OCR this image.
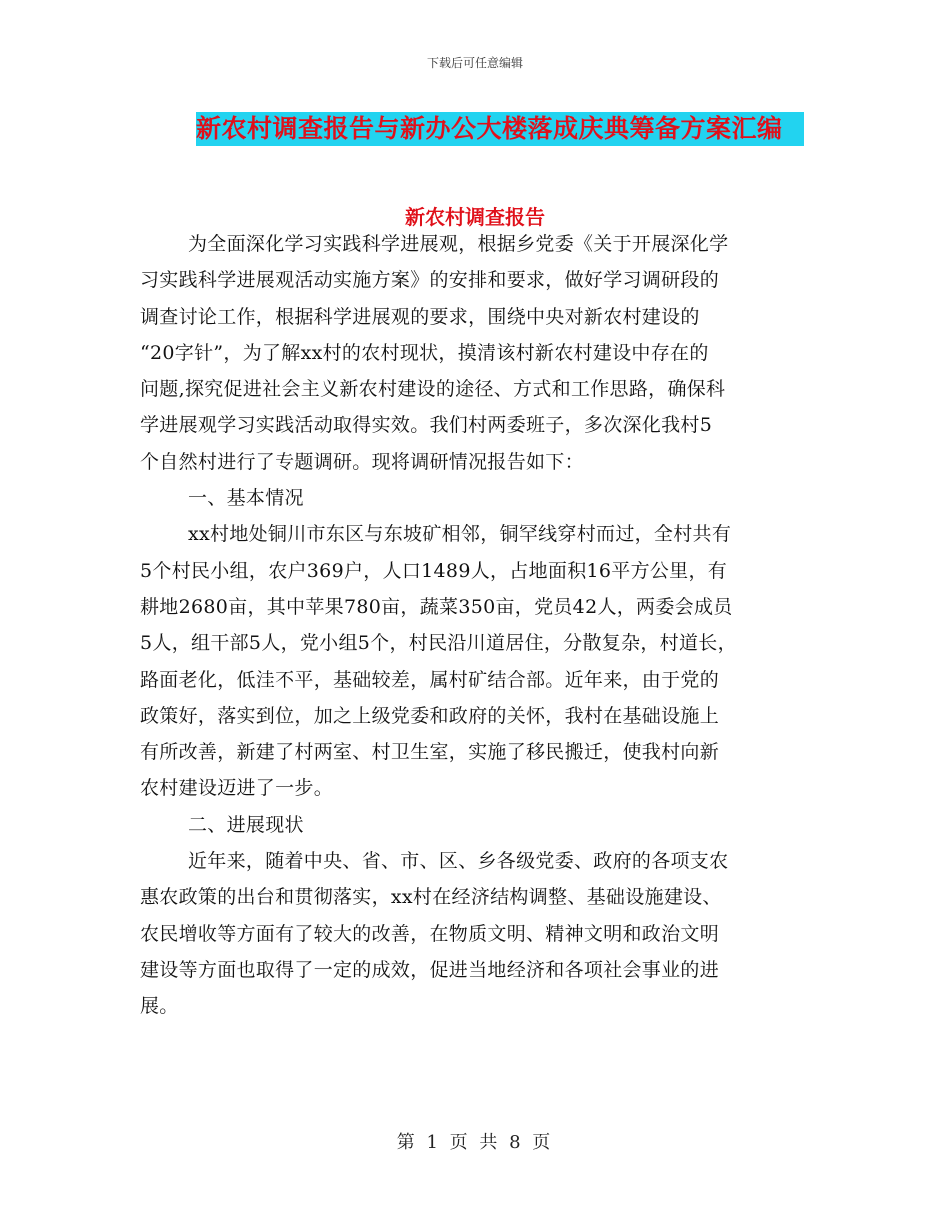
下载后可任意编辑
新农村调查报告与新办公大楼落成庆典筹备方案汇编
新农村调查报告
为全面深化学习实践科学进展观，根据乡党委《关于开展深化学
习实践科学进展观活动实施方案》的安排和要求，做好学习调研段的
调查讨论工作，根据科学进展观的要求，围绕中央对新农村建设的
“20字针”，为了解xx村的农村现状，摸清该村新农村建设中存在的
问题,探究促进社会主义新农村建设的途径、方式和工作思路，确保科
学进展观学习实践活动取得实效。我们村两委班子，多次深化我村5
个自然村进行了专题调研。现将调研情况报告如下：
一、基本情况
xx村地处铜川市东区与东坡矿相邻，铜罕线穿村而过，全村共有
5个村民小组，农户369户，人口1489人，占地面积16平方公里，有
耕地2680亩，其中苹果780亩，蔬菜350亩，党员42人，两委会成员
5人，组干部5人，党小组5个，村民沿川道居住，分散复杂，村道长，
路面老化，低洼不平，基础较差，属村矿结合部。近年来，由于党的
政策好，落实到位，加之上级党委和政府的关怀，我村在基础设施上
有所改善，新建了村两室、村卫生室，实施了移民搬迁，使我村向新
农村建设迈进了一步。
二、进展现状
近年来，随着中央、省、市、区、乡各级党委、政府的各项支农
惠农政策的出台和贯彻落实，xx村在经济结构调整、基础设施建设、
农民增收等方面有了较大的改善，在物质文明、精神文明和政治文明
建设等方面也取得了一定的成效，促进当地经济和各项社会事业的进
展。
第 1 页 共 8 页
